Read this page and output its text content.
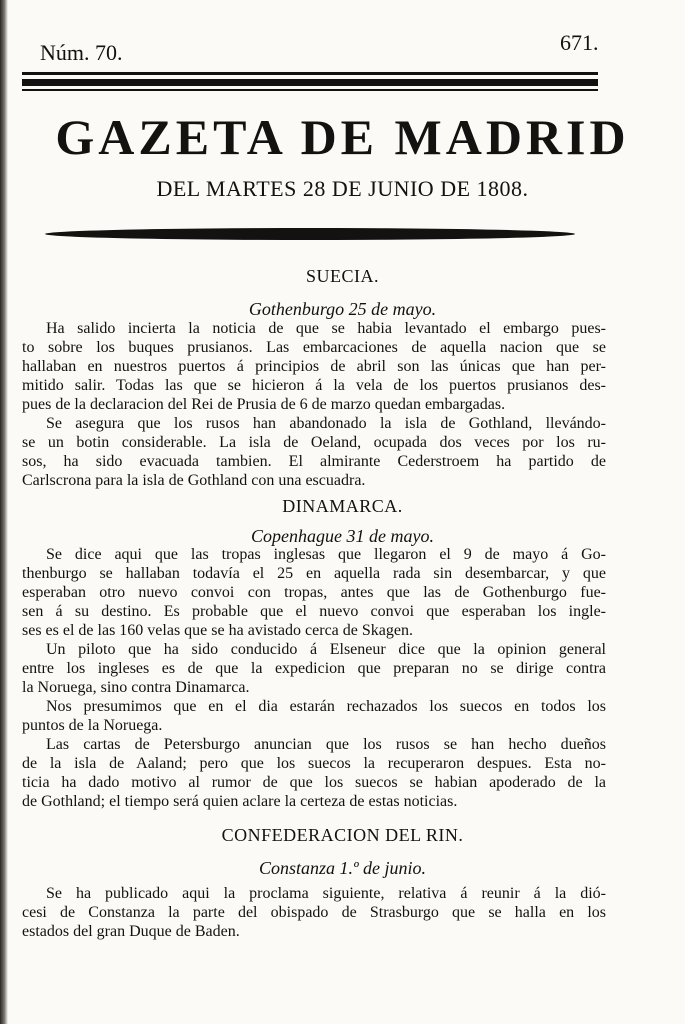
Núm. 70.	671.
GAZETA DE MADRID
DEL MARTES 28 DE JUNIO DE 1808.
SUECIA.
Gothenburgo 25 de mayo.
Ha salido incierta la noticia de que se habia levantado el embargo pues-
to sobre los buques prusianos. Las embarcaciones de aquella nacion que se
hallaban en nuestros puertos á principios de abril son las únicas que han per-
mitido salir. Todas las que se hicieron á la vela de los puertos prusianos des-
pues de la declaracion del Rei de Prusia de 6 de marzo quedan embargadas.
Se asegura que los rusos han abandonado la isla de Gothland, llevándo-
se un botin considerable. La isla de Oeland, ocupada dos veces por los ru-
sos, ha sido evacuada tambien. El almirante Cederstroem ha partido de
Carlscrona para la isla de Gothland con una escuadra.
DINAMARCA.
Copenhague 31 de mayo.
Se dice aqui que las tropas inglesas que llegaron el 9 de mayo á Go-
thenburgo se hallaban todavía el 25 en aquella rada sin desembarcar, y que
esperaban otro nuevo convoi con tropas, antes que las de Gothenburgo fue-
sen á su destino. Es probable que el nuevo convoi que esperaban los ingle-
ses es el de las 160 velas que se ha avistado cerca de Skagen.
Un piloto que ha sido conducido á Elseneur dice que la opinion general
entre los ingleses es de que la expedicion que preparan no se dirige contra
la Noruega, sino contra Dinamarca.
Nos presumimos que en el dia estarán rechazados los suecos en todos los
puntos de la Noruega.
Las cartas de Petersburgo anuncian que los rusos se han hecho dueños
de la isla de Aaland; pero que los suecos la recuperaron despues. Esta no-
ticia ha dado motivo al rumor de que los suecos se habian apoderado de la
de Gothland; el tiempo será quien aclare la certeza de estas noticias.
CONFEDERACION DEL RIN.
Constanza 1.º de junio.
Se ha publicado aqui la proclama siguiente, relativa á reunir á la dió-
cesi de Constanza la parte del obispado de Strasburgo que se halla en los
estados del gran Duque de Baden.
